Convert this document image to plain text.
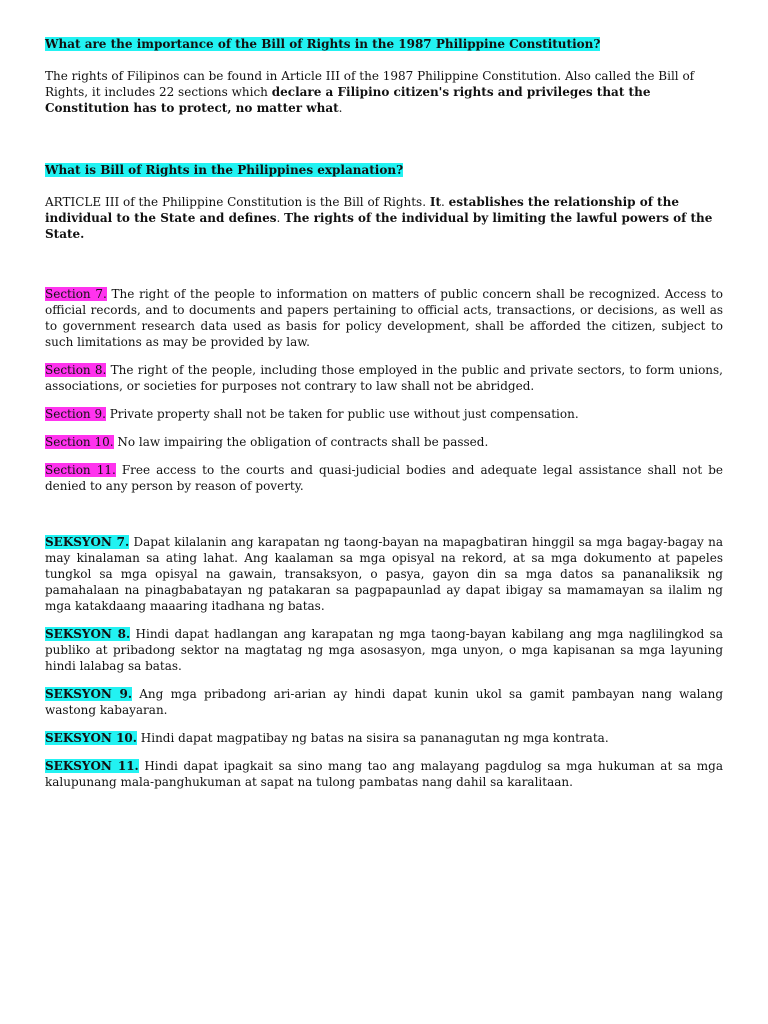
What are the importance of the Bill of Rights in the 1987 Philippine Constitution?

The rights of Filipinos can be found in Article III of the 1987 Philippine Constitution. Also called the Bill of Rights, it includes 22 sections which declare a Filipino citizen's rights and privileges that the Constitution has to protect, no matter what.

What is Bill of Rights in the Philippines explanation?

ARTICLE III of the Philippine Constitution is the Bill of Rights. It. establishes the relationship of the individual to the State and defines. The rights of the individual by limiting the lawful powers of the State.

Section 7. The right of the people to information on matters of public concern shall be recognized. Access to official records, and to documents and papers pertaining to official acts, transactions, or decisions, as well as to government research data used as basis for policy development, shall be afforded the citizen, subject to such limitations as may be provided by law.

Section 8. The right of the people, including those employed in the public and private sectors, to form unions, associations, or societies for purposes not contrary to law shall not be abridged.

Section 9. Private property shall not be taken for public use without just compensation.

Section 10. No law impairing the obligation of contracts shall be passed.

Section 11. Free access to the courts and quasi-judicial bodies and adequate legal assistance shall not be denied to any person by reason of poverty.

SEKSYON 7. Dapat kilalanin ang karapatan ng taong-bayan na mapagbatiran hinggil sa mga bagay-bagay na may kinalaman sa ating lahat. Ang kaalaman sa mga opisyal na rekord, at sa mga dokumento at papeles tungkol sa mga opisyal na gawain, transaksyon, o pasya, gayon din sa mga datos sa pananaliksik ng pamahalaan na pinagbabatayan ng patakaran sa pagpapaunlad ay dapat ibigay sa mamamayan sa ilalim ng mga katakdaang maaaring itadhana ng batas.

SEKSYON 8. Hindi dapat hadlangan ang karapatan ng mga taong-bayan kabilang ang mga naglilingkod sa publiko at pribadong sektor na magtatag ng mga asosasyon, mga unyon, o mga kapisanan sa mga layuning hindi lalabag sa batas.

SEKSYON 9. Ang mga pribadong ari-arian ay hindi dapat kunin ukol sa gamit pambayan nang walang wastong kabayaran.

SEKSYON 10. Hindi dapat magpatibay ng batas na sisira sa pananagutan ng mga kontrata.

SEKSYON 11. Hindi dapat ipagkait sa sino mang tao ang malayang pagdulog sa mga hukuman at sa mga kalupunang mala-panghukuman at sapat na tulong pambatas nang dahil sa karalitaan.
